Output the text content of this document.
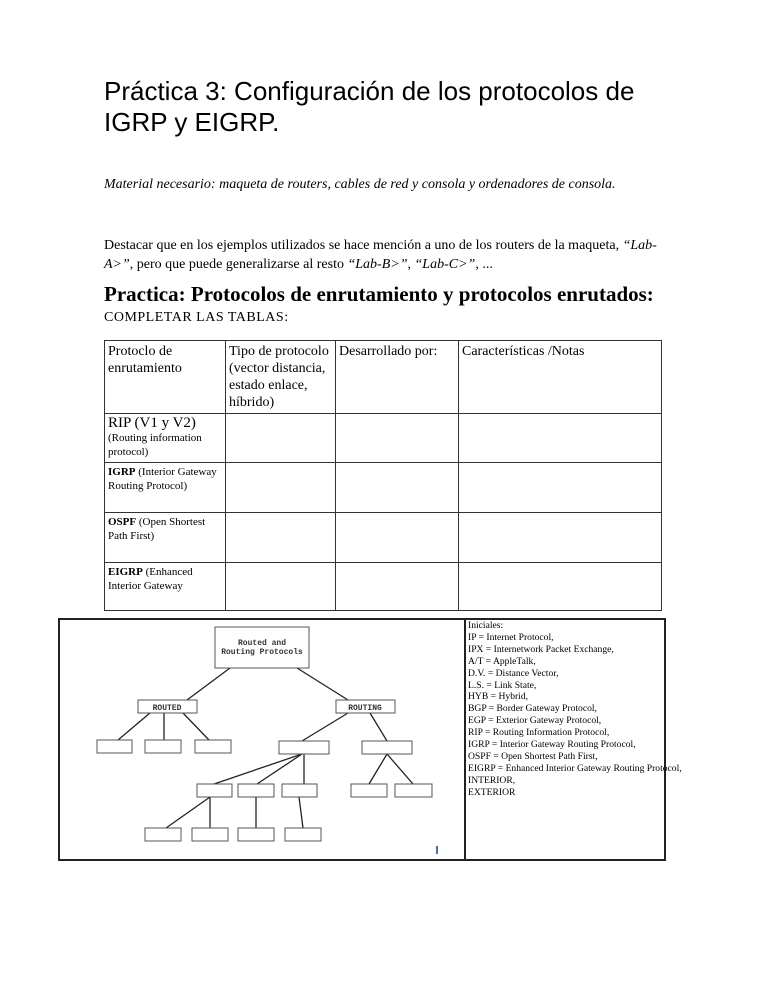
Práctica 3: Configuración de los protocolos de IGRP y EIGRP.
Material necesario: maqueta de routers, cables de red y consola y ordenadores de consola.
Destacar que en los ejemplos utilizados se hace mención a uno de los routers de la maqueta, “Lab-A>”, pero que puede generalizarse al resto “Lab-B>”, “Lab-C>”, ...
Practica: Protocolos de enrutamiento y protocolos enrutados:
COMPLETAR LAS TABLAS:
Protoclo de enrutamiento	Tipo de protocolo (vector distancia, estado enlace, híbrido)	Desarrollado por:	Características /Notas
RIP (V1 y V2)
(Routing information protocol)			
IGRP (Interior Gateway Routing Protocol)			
OSPF (Open Shortest Path First)			
EIGRP (Enhanced Interior Gateway			
Routed and
Routing Protocols
ROUTED	ROUTING
Iniciales:
IP = Internet Protocol,
IPX = Internetwork Packet Exchange,
A/T = AppleTalk,
D.V. = Distance Vector,
L.S. = Link State,
HYB = Hybrid,
BGP = Border Gateway Protocol,
EGP = Exterior Gateway Protocol,
RIP = Routing Information Protocol,
IGRP = Interior Gateway Routing Protocol,
OSPF = Open Shortest Path First,
EIGRP = Enhanced Interior Gateway Routing Protocol,
INTERIOR,
EXTERIOR
